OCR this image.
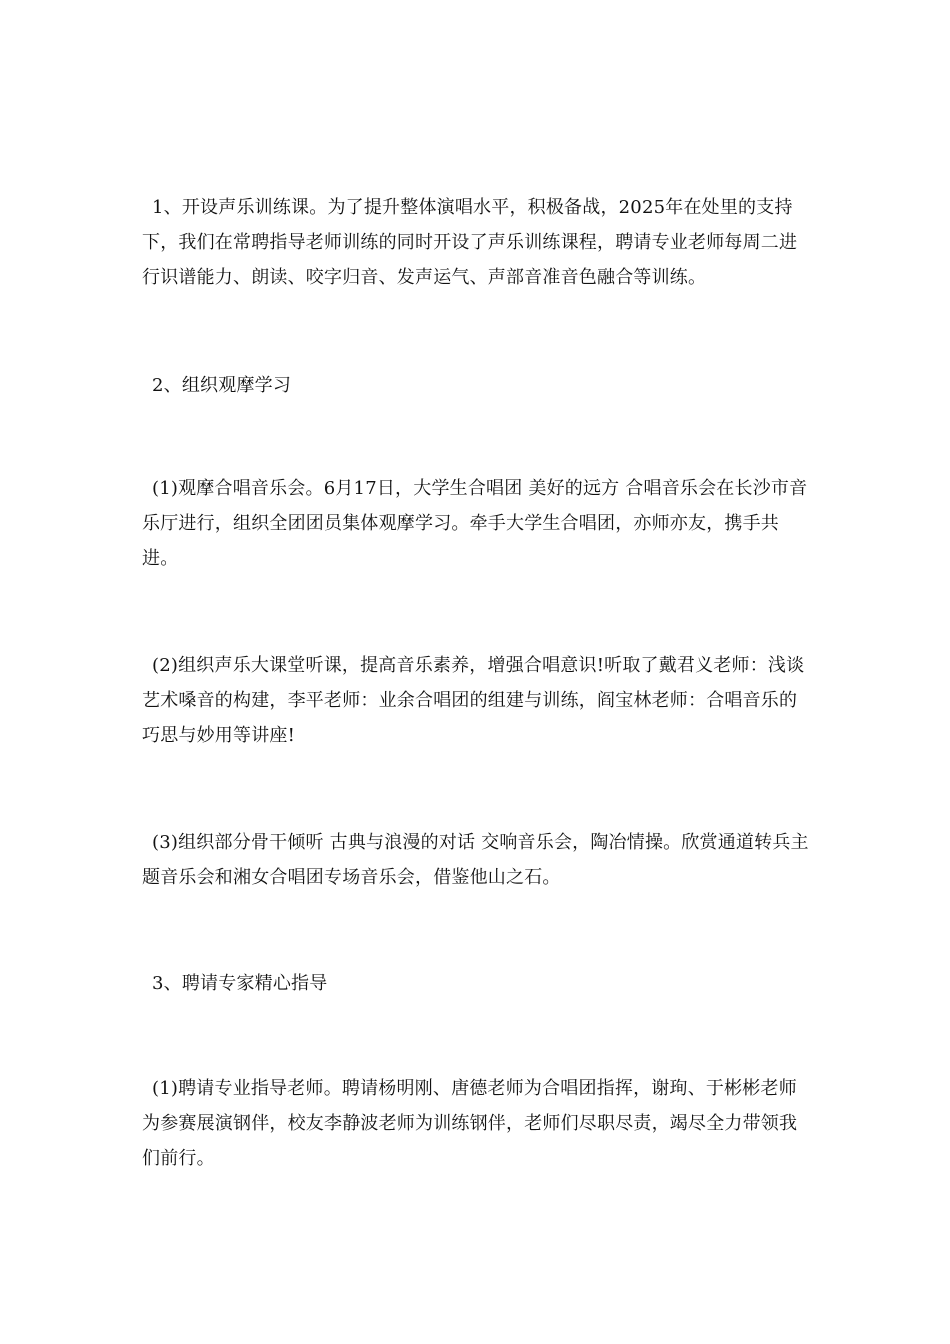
1、开设声乐训练课。为了提升整体演唱水平，积极备战，2025年在处里的支持下，我们在常聘指导老师训练的同时开设了声乐训练课程，聘请专业老师每周二进行识谱能力、朗读、咬字归音、发声运气、声部音准音色融合等训练。

2、组织观摩学习

(1)观摩合唱音乐会。6月17日，大学生合唱团 美好的远方 合唱音乐会在长沙市音乐厅进行，组织全团团员集体观摩学习。牵手大学生合唱团，亦师亦友，携手共进。

(2)组织声乐大课堂听课，提高音乐素养，增强合唱意识!听取了戴君义老师：浅谈艺术嗓音的构建，李平老师：业余合唱团的组建与训练，阎宝林老师：合唱音乐的巧思与妙用等讲座!

(3)组织部分骨干倾听 古典与浪漫的对话 交响音乐会，陶冶情操。欣赏通道转兵主题音乐会和湘女合唱团专场音乐会，借鉴他山之石。

3、聘请专家精心指导

(1)聘请专业指导老师。聘请杨明刚、唐德老师为合唱团指挥，谢珣、于彬彬老师为参赛展演钢伴，校友李静波老师为训练钢伴，老师们尽职尽责，竭尽全力带领我们前行。
